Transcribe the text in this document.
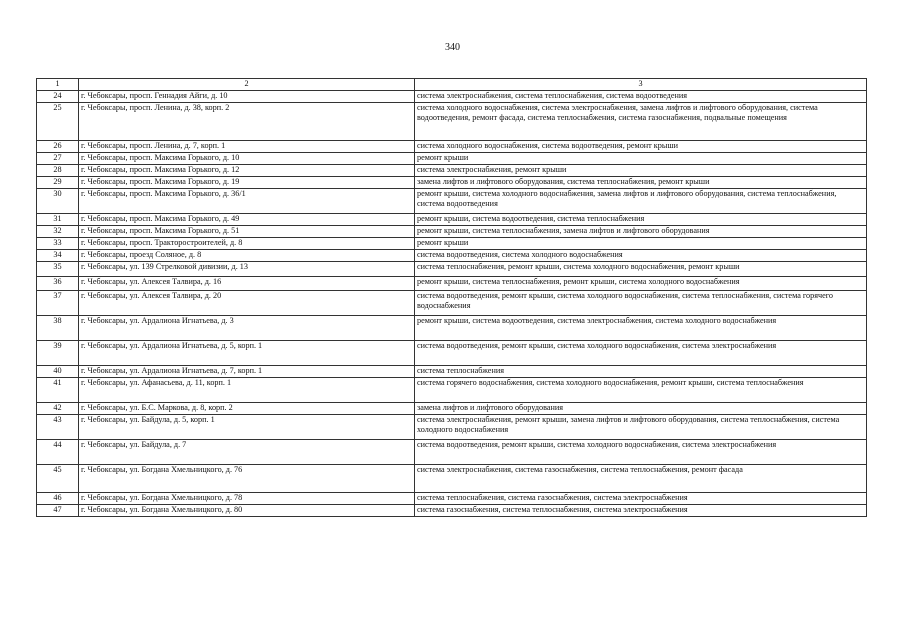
340
1	2	3
24	г. Чебоксары, просп. Геннадия Айги, д. 10	система электроснабжения, система теплоснабжения, система водоотведения
25	г. Чебоксары, просп. Ленина, д. 38, корп. 2	система холодного водоснабжения, система электроснабжения, замена лифтов и лифтового оборудования, система водоотведения, ремонт фасада, система теплоснабжения, система газоснабжения, подвальные помещения
26	г. Чебоксары, просп. Ленина, д. 7, корп. 1	система холодного водоснабжения, система водоотведения, ремонт крыши
27	г. Чебоксары, просп. Максима Горького, д. 10	ремонт крыши
28	г. Чебоксары, просп. Максима Горького, д. 12	система электроснабжения, ремонт крыши
29	г. Чебоксары, просп. Максима Горького, д. 19	замена лифтов и лифтового оборудования, система теплоснабжения, ремонт крыши
30	г. Чебоксары, просп. Максима Горького, д. 36/1	ремонт крыши, система холодного водоснабжения, замена лифтов и лифтового оборудования, система теплоснабжения, система водоотведения
31	г. Чебоксары, просп. Максима Горького, д. 49	ремонт крыши, система водоотведения, система теплоснабжения
32	г. Чебоксары, просп. Максима Горького, д. 51	ремонт крыши, система теплоснабжения, замена лифтов и лифтового оборудования
33	г. Чебоксары, просп. Тракторостроителей, д. 8	ремонт крыши
34	г. Чебоксары, проезд Соляное, д. 8	система водоотведения, система холодного водоснабжения
35	г. Чебоксары, ул. 139 Стрелковой дивизии, д. 13	система теплоснабжения, ремонт крыши, система холодного водоснабжения, ремонт крыши
36	г. Чебоксары, ул. Алексея Талвира, д. 16	ремонт крыши, система теплоснабжения, ремонт крыши, система холодного водоснабжения
37	г. Чебоксары, ул. Алексея Талвира, д. 20	система водоотведения, ремонт крыши, система холодного водоснабжения, система теплоснабжения, система горячего водоснабжения
38	г. Чебоксары, ул. Ардалиона Игнатьева, д. 3	ремонт крыши, система водоотведения, система электроснабжения, система холодного водоснабжения
39	г. Чебоксары, ул. Ардалиона Игнатьева, д. 5, корп. 1	система водоотведения, ремонт крыши, система холодного водоснабжения, система электроснабжения
40	г. Чебоксары, ул. Ардалиона Игнатьева, д. 7, корп. 1	система теплоснабжения
41	г. Чебоксары, ул. Афанасьева, д. 11, корп. 1	система горячего водоснабжения, система холодного водоснабжения, ремонт крыши, система теплоснабжения
42	г. Чебоксары, ул. Б.С. Маркова, д. 8, корп. 2	замена лифтов и лифтового оборудования
43	г. Чебоксары, ул. Байдула, д. 5, корп. 1	система электроснабжения, ремонт крыши, замена лифтов и лифтового оборудования, система теплоснабжения, система холодного водоснабжения
44	г. Чебоксары, ул. Байдула, д. 7	система водоотведения, ремонт крыши, система холодного водоснабжения, система электроснабжения
45	г. Чебоксары, ул. Богдана Хмельницкого, д. 76	система электроснабжения, система газоснабжения, система теплоснабжения, ремонт фасада
46	г. Чебоксары, ул. Богдана Хмельницкого, д. 78	система теплоснабжения, система газоснабжения, система электроснабжения
47	г. Чебоксары, ул. Богдана Хмельницкого, д. 80	система газоснабжения, система теплоснабжения, система электроснабжения
